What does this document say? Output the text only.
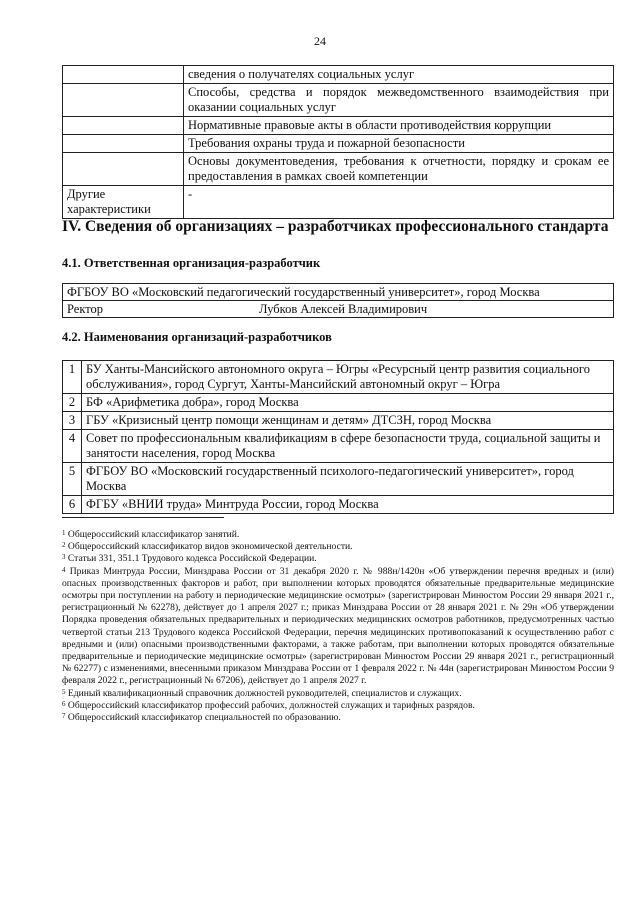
24
	сведения о получателях социальных услуг
	Способы, средства и порядок межведомственного взаимодействия при оказании социальных услуг
	Нормативные правовые акты в области противодействия коррупции
	Требования охраны труда и пожарной безопасности
	Основы документоведения, требования к отчетности, порядку и срокам ее предоставления в рамках своей компетенции
Другие характеристики	-
IV. Сведения об организациях – разработчиках профессионального стандарта
4.1. Ответственная организация-разработчик
ФГБОУ ВО «Московский педагогический государственный университет», город Москва
Ректор	Лубков Алексей Владимирович
4.2. Наименования организаций-разработчиков
1	БУ Ханты-Мансийского автономного округа – Югры «Ресурсный центр развития социального обслуживания», город Сургут, Ханты-Мансийский автономный округ – Югра
2	БФ «Арифметика добра», город Москва
3	ГБУ «Кризисный центр помощи женщинам и детям» ДТСЗН, город Москва
4	Совет по профессиональным квалификациям в сфере безопасности труда, социальной защиты и занятости населения, город Москва
5	ФГБОУ ВО «Московский государственный психолого-педагогический университет», город Москва
6	ФГБУ «ВНИИ труда» Минтруда России, город Москва

$^1$ Общероссийский классификатор занятий.

$^2$ Общероссийский классификатор видов экономической деятельности.

$^3$ Статьи 331, 351.1 Трудового кодекса Российской Федерации.

$^4$ Приказ Минтруда России, Минздрава России от 31 декабря 2020 г. № 988н/1420н «Об утверждении перечня вредных и (или) опасных производственных факторов и работ, при выполнении которых проводятся обязательные предварительные медицинские осмотры при поступлении на работу и периодические медицинские осмотры» (зарегистрирован Минюстом России 29 января 2021 г., регистрационный № 62278), действует до 1 апреля 2027 г.; приказ Минздрава России от 28 января 2021 г. № 29н «Об утверждении Порядка проведения обязательных предварительных и периодических медицинских осмотров работников, предусмотренных частью четвертой статьи 213 Трудового кодекса Российской Федерации, перечня медицинских противопоказаний к осуществлению работ с вредными и (или) опасными производственными факторами, а также работам, при выполнении которых проводятся обязательные предварительные и периодические медицинские осмотры» (зарегистрирован Минюстом России 29 января 2021 г., регистрационный № 62277) с изменениями, внесенными приказом Минздрава России от 1 февраля 2022 г. № 44н (зарегистрирован Минюстом России 9 февраля 2022 г., регистрационный № 67206), действует до 1 апреля 2027 г.

$^5$ Единый квалификационный справочник должностей руководителей, специалистов и служащих.

$^6$ Общероссийский классификатор профессий рабочих, должностей служащих и тарифных разрядов.

$^7$ Общероссийский классификатор специальностей по образованию.
